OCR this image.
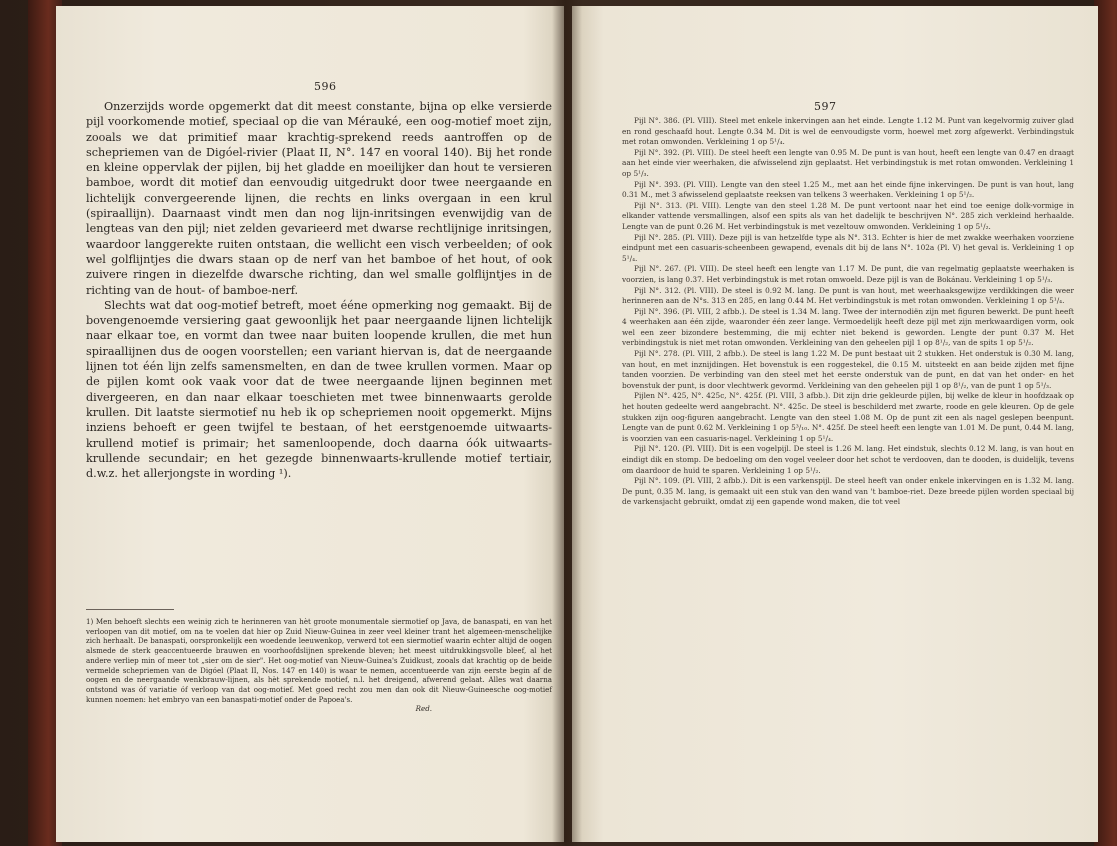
596

Onzerzijds worde opgemerkt dat dit meest constante, bijna op elke versierde pijl voorkomende motief, speciaal op die van Mérauké, een oog-motief moet zijn, zooals we dat primitief maar krachtig-sprekend reeds aantroffen op de schepriemen van de Digóel-rivier (Plaat II, N°. 147 en vooral 140). Bij het ronde en kleine oppervlak der pijlen, bij het gladde en moeilijker dan hout te versieren bamboe, wordt dit motief dan eenvoudig uitgedrukt door twee neergaande en lichtelijk convergeerende lijnen, die rechts en links overgaan in een krul (spiraallijn). Daarnaast vindt men dan nog lijn-inritsingen evenwijdig van de lengteas van den pijl; niet zelden gevarieerd met dwarse rechtlijnige inritsingen, waardoor langgerekte ruiten ontstaan, die wellicht een visch verbeelden; of ook wel golflijntjes die dwars staan op de nerf van het bamboe of het hout, of ook zuivere ringen in diezelfde dwarsche richting, dan wel smalle golflijntjes in de richting van de hout- of bamboe-nerf.

Slechts wat dat oog-motief betreft, moet ééne opmerking nog gemaakt. Bij de bovengenoemde versiering gaat gewoonlijk het paar neergaande lijnen lichtelijk naar elkaar toe, en vormt dan twee naar buiten loopende krullen, die met hun spiraallijnen dus de oogen voorstellen; een variant hiervan is, dat de neergaande lijnen tot één lijn zelfs samensmelten, en dan de twee krullen vormen. Maar op de pijlen komt ook vaak voor dat de twee neergaande lijnen beginnen met divergeeren, en dan naar elkaar toeschieten met twee binnenwaarts gerolde krullen. Dit laatste siermotief nu heb ik op schepriemen nooit opgemerkt. Mijns inziens behoeft er geen twijfel te bestaan, of het eerstgenoemde uitwaarts-krullend motief is primair; het samenloopende, doch daarna óók uitwaarts-krullende secundair; en het gezegde binnenwaarts-krullende motief tertiair, d.w.z. het allerjongste in wording ¹).

1) Men behoeft slechts een weinig zich te herinneren van hèt groote monumentale siermotief op Java, de banaspati, en van het verloopen van dit motief, om na te voelen dat hier op Zuid Nieuw-Guinea in zeer veel kleiner trant het algemeen-menschelijke zich herhaalt. De banaspati, oorspronkelijk een woedende leeuwenkop, verwerd tot een siermotief waarin echter altijd de oogen alsmede de sterk geaccentueerde brauwen en voorhoofdslijnen sprekende bleven; het meest uitdrukkingsvolle bleef, al het andere verliep min of meer tot „sier om de sier". Het oog-motief van Nieuw-Guinea's Zuidkust, zooals dat krachtig op de beide vermelde schepriemen van de Digóel (Plaat II, Nos. 147 en 140) is waar te nemen, accentueerde van zijn eerste begin af de oogen en de neergaande wenkbrauw-lijnen, als hèt sprekende motief, n.l. het dreigend, afwerend gelaat. Alles wat daarna ontstond was óf variatie óf verloop van dat oog-motief. Met goed recht zou men dan ook dit Nieuw-Guineesche oog-motief kunnen noemen: het embryo van een banaspati-motief onder de Papoea's.

Red.

597

Pijl N°. 386. (Pl. VIII). Steel met enkele inkervingen aan het einde. Lengte 1.12 M. Punt van kegelvormig zuiver glad en rond geschaafd hout. Lengte 0.34 M. Dit is wel de eenvoudigste vorm, hoewel met zorg afgewerkt. Verbindingstuk met rotan omwonden. Verkleining 1 op 5¹/₄.

Pijl N°. 392. (Pl. VIII). De steel heeft een lengte van 0.95 M. De punt is van hout, heeft een lengte van 0.47 en draagt aan het einde vier weerhaken, die afwisselend zijn geplaatst. Het verbindingstuk is met rotan omwonden. Verkleining 1 op 5¹/₃.

Pijl N°. 393. (Pl. VIII). Lengte van den steel 1.25 M., met aan het einde fijne inkervingen. De punt is van hout, lang 0.31 M., met 3 afwisselend geplaatste reeksen van telkens 3 weerhaken. Verkleining 1 op 5¹/₂.

Pijl N°. 313. (Pl. VIII). Lengte van den steel 1.28 M. De punt vertoont naar het eind toe eenige dolk-vormige in elkander vattende versmallingen, alsof een spits als van het dadelijk te beschrijven N°. 285 zich verkleind herhaalde. Lengte van de punt 0.26 M. Het verbindingstuk is met vezeltouw omwonden. Verkleining 1 op 5¹/₂.

Pijl N°. 285. (Pl. VIII). Deze pijl is van hetzelfde type als N°. 313. Echter is hier de met zwakke weerhaken voorziene eindpunt met een casuaris-scheenbeen gewapend, evenals dit bij de lans N°. 102a (Pl. V) het geval is. Verkleining 1 op 5¹/₄.

Pijl N°. 267. (Pl. VIII). De steel heeft een lengte van 1.17 M. De punt, die van regelmatig geplaatste weerhaken is voorzien, is lang 0.37. Het verbindingstuk is met rotan omwoeld. Deze pijl is van de Bokánau. Verkleining 1 op 5¹/₃.

Pijl N°. 312. (Pl. VIII). De steel is 0.92 M. lang. De punt is van hout, met weerhaaksgewijze verdikkingen die weer herinneren aan de N°s. 313 en 285, en lang 0.44 M. Het verbindingstuk is met rotan omwonden. Verkleining 1 op 5¹/₄.

Pijl N°. 396. (Pl. VIII, 2 afbb.). De steel is 1.34 M. lang. Twee der internodiën zijn met figuren bewerkt. De punt heeft 4 weerhaken aan één zijde, waaronder één zeer lange. Vermoedelijk heeft deze pijl met zijn merkwaardigen vorm, ook wel een zeer bizondere bestemming, die mij echter niet bekend is geworden. Lengte der punt 0.37 M. Het verbindingstuk is niet met rotan omwonden. Verkleining van den geheelen pijl 1 op 8¹/₂, van de spits 1 op 5¹/₂.

Pijl N°. 278. (Pl. VIII, 2 afbb.). De steel is lang 1.22 M. De punt bestaat uit 2 stukken. Het onderstuk is 0.30 M. lang, van hout, en met inznijdingen. Het bovenstuk is een roggestekel, die 0.15 M. uitsteekt en aan beide zijden met fijne tanden voorzien. De verbinding van den steel met het eerste onderstuk van de punt, en dat van het onder- en het bovenstuk der punt, is door vlechtwerk gevormd. Verkleining van den geheelen pijl 1 op 8¹/₂, van de punt 1 op 5¹/₃.

Pijlen N°. 425, N°. 425c, N°. 425f. (Pl. VIII, 3 afbb.). Dit zijn drie gekleurde pijlen, bij welke de kleur in hoofdzaak op het houten gedeelte werd aangebracht. N°. 425c. De steel is beschilderd met zwarte, roode en gele kleuren. Op de gele stukken zijn oog-figuren aangebracht. Lengte van den steel 1.08 M. Op de punt zit een als nagel geslepen beenpunt. Lengte van de punt 0.62 M. Verkleining 1 op 5³/₁₀. N°. 425f. De steel heeft een lengte van 1.01 M. De punt, 0.44 M. lang, is voorzien van een casuaris-nagel. Verkleining 1 op 5¹/₄.

Pijl N°. 120. (Pl. VIII). Dit is een vogelpijl. De steel is 1.26 M. lang. Het eindstuk, slechts 0.12 M. lang, is van hout en eindigt dik en stomp. De bedoeling om den vogel veeleer door het schot te verdooven, dan te dooden, is duidelijk, tevens om daardoor de huid te sparen. Verkleining 1 op 5¹/₂.

Pijl N°. 109. (Pl. VIII, 2 afbb.). Dit is een varkenspijl. De steel heeft van onder enkele inkervingen en is 1.32 M. lang. De punt, 0.35 M. lang, is gemaakt uit een stuk van den wand van 't bamboe-riet. Deze breede pijlen worden speciaal bij de varkensjacht gebruikt, omdat zij een gapende wond maken, die tot veel
